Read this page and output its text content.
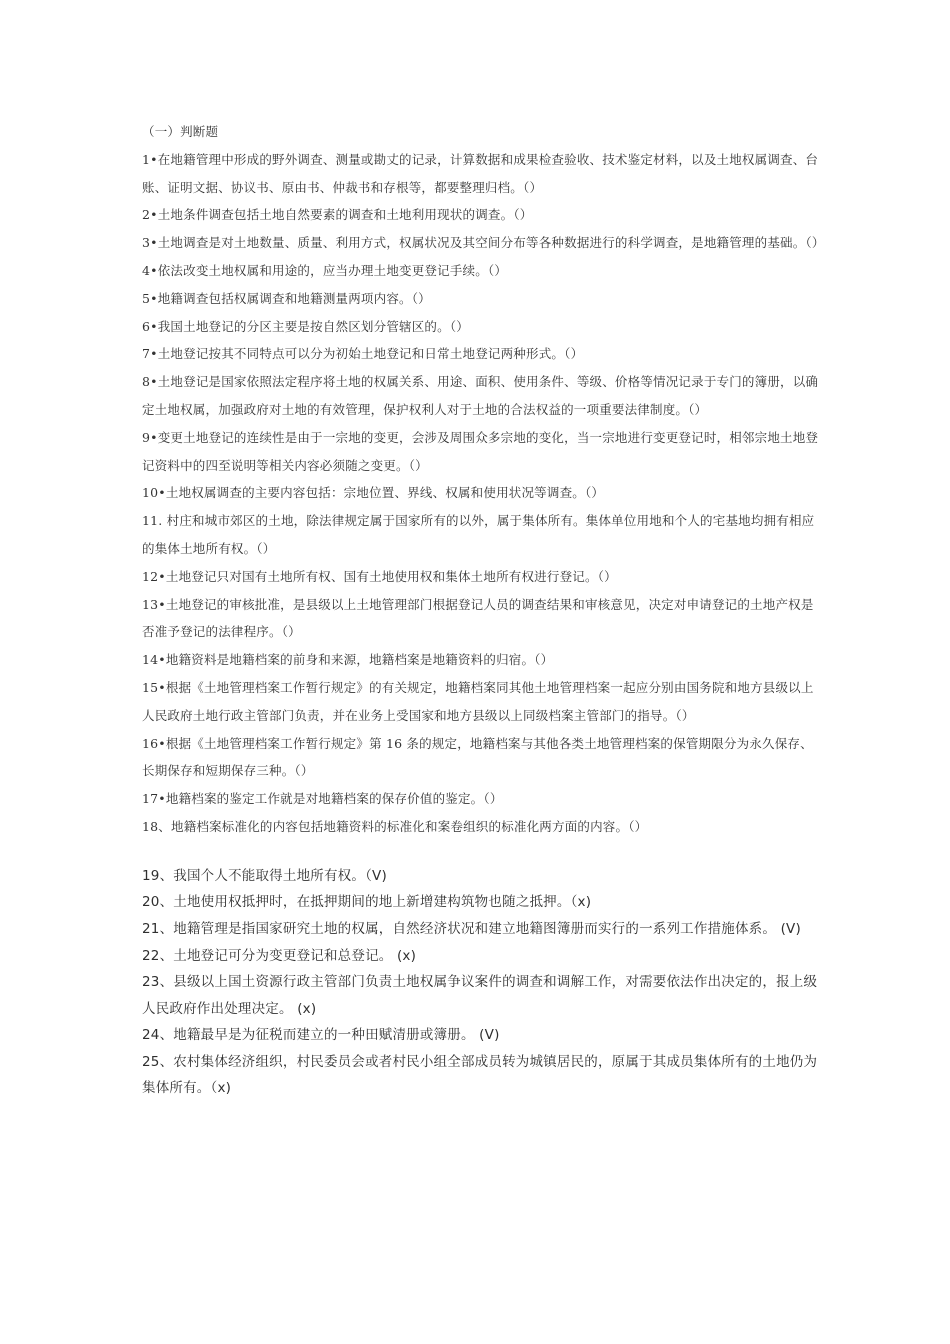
（一）判断题

1•在地籍管理中形成的野外调查、测量或勘丈的记录，计算数据和成果检查验收、技术鉴定材料，以及土地权属调查、台账、证明文据、协议书、原由书、仲裁书和存根等，都要整理归档。（）

2•土地条件调查包括土地自然要素的调查和土地利用现状的调查。（）

3•土地调查是对土地数量、质量、利用方式，权属状况及其空间分布等各种数据进行的科学调查，是地籍管理的基础。（）

4•依法改变土地权属和用途的，应当办理土地变更登记手续。（）

5•地籍调查包括权属调查和地籍测量两项内容。（）

6•我国土地登记的分区主要是按自然区划分管辖区的。（）

7•土地登记按其不同特点可以分为初始土地登记和日常土地登记两种形式。（）

8•土地登记是国家依照法定程序将土地的权属关系、用途、面积、使用条件、等级、价格等情况记录于专门的簿册，以确定土地权属，加强政府对土地的有效管理，保护权利人对于土地的合法权益的一项重要法律制度。（）

9•变更土地登记的连续性是由于一宗地的变更，会涉及周围众多宗地的变化，当一宗地进行变更登记时，相邻宗地土地登记资料中的四至说明等相关内容必须随之变更。（）

10•土地权属调查的主要内容包括：宗地位置、界线、权属和使用状况等调查。（）

11. 村庄和城市郊区的土地，除法律规定属于国家所有的以外，属于集体所有。集体单位用地和个人的宅基地均拥有相应的集体土地所有权。（）

12•土地登记只对国有土地所有权、国有土地使用权和集体土地所有权进行登记。（）

13•土地登记的审核批准，是县级以上土地管理部门根据登记人员的调查结果和审核意见，决定对申请登记的土地产权是否准予登记的法律程序。（）

14•地籍资料是地籍档案的前身和来源，地籍档案是地籍资料的归宿。（）

15•根据《土地管理档案工作暂行规定》的有关规定，地籍档案同其他土地管理档案一起应分别由国务院和地方县级以上人民政府土地行政主管部门负责，并在业务上受国家和地方县级以上同级档案主管部门的指导。（）

16•根据《土地管理档案工作暂行规定》第 16 条的规定，地籍档案与其他各类土地管理档案的保管期限分为永久保存、长期保存和短期保存三种。（）

17•地籍档案的鉴定工作就是对地籍档案的保存价值的鉴定。（）

18、地籍档案标准化的内容包括地籍资料的标准化和案卷组织的标准化两方面的内容。（）

19、我国个人不能取得土地所有权。（V)

20、土地使用权抵押时，在抵押期间的地上新增建构筑物也随之抵押。（x)

21、地籍管理是指国家研究土地的权属，自然经济状况和建立地籍图簿册而实行的一系列工作措施体系。 (V)

22、土地登记可分为变更登记和总登记。 (x)

23、县级以上国土资源行政主管部门负责土地权属争议案件的调查和调解工作，对需要依法作出决定的，报上级人民政府作出处理决定。 (x)

24、地籍最早是为征税而建立的一种田赋清册或簿册。 (V)

25、农村集体经济组织，村民委员会或者村民小组全部成员转为城镇居民的，原属于其成员集体所有的土地仍为集体所有。（x)
